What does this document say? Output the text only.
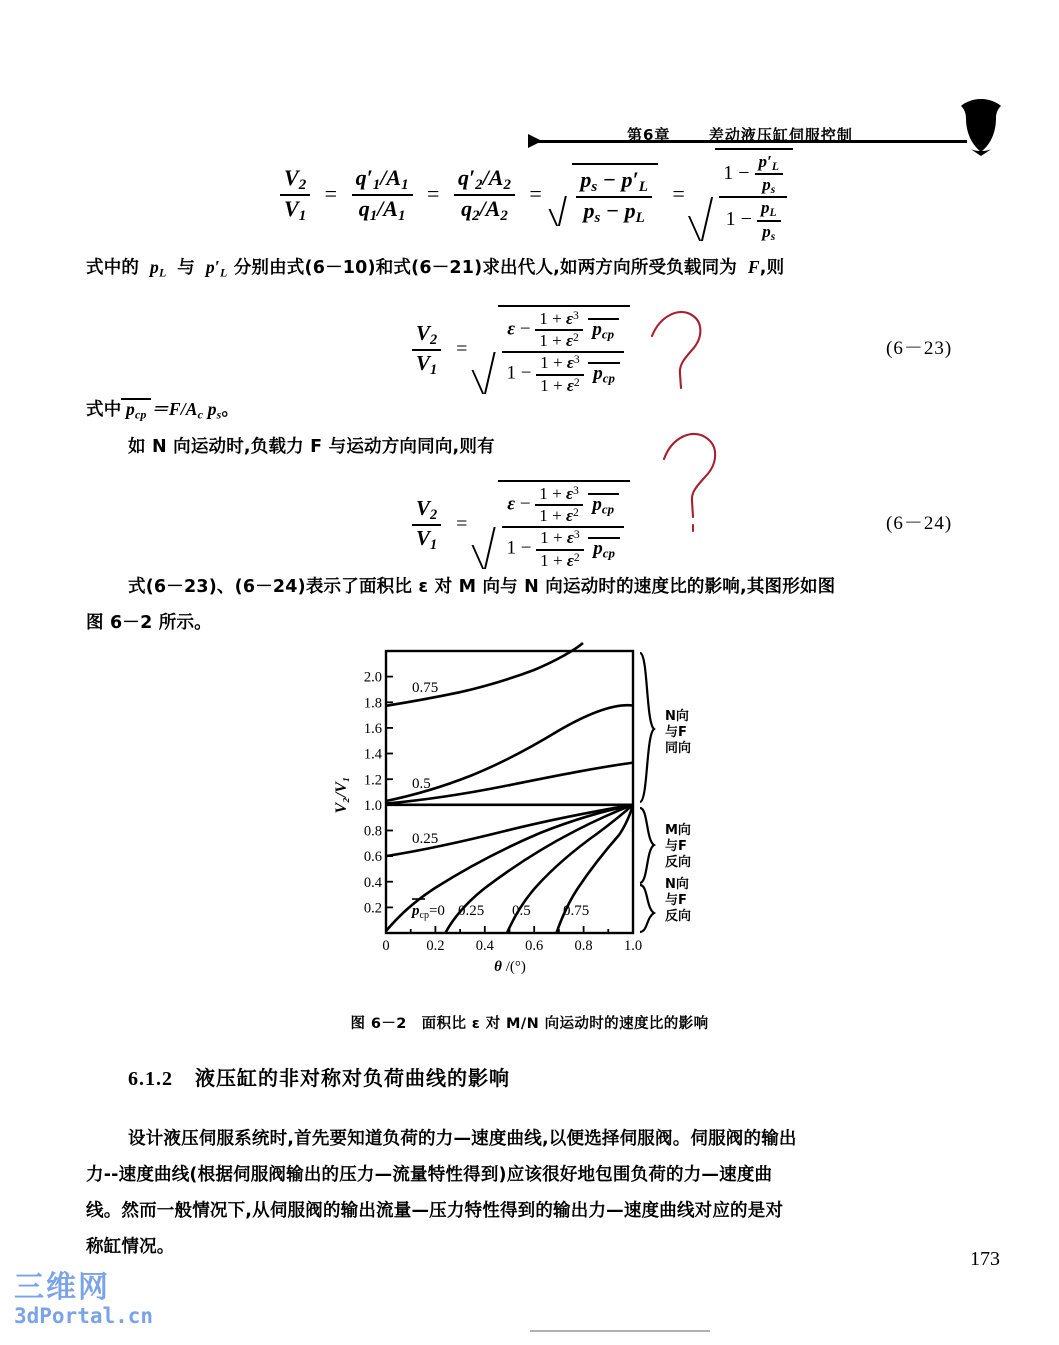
第6章	差动液压缸伺服控制
$\frac{V_2}{V_1} = \frac{q'_1/A_1}{q_1/A_1} = \frac{q'_2/A_2}{q_2/A_2} = \frac{p_s - p'_L}{p_s - p_L} = \frac{1 - \frac{p'_L}{p_s}}{1 - \frac{p_L}{p_s}}$
式中的  $p_L$ 与  $p'_L$ 分别由式(6－10)和式(6－21)求出代人,如两方向所受负载同为  F,则
$\frac{V_2}{V_1}$ =
$\varepsilon - \frac{1 + \varepsilon^3}{1 + \varepsilon^2} p_{cp}$
$1 - \frac{1 + \varepsilon^3}{1 + \varepsilon^2} p_{cp}$
(6－23)
式中 $p_{cp} =F/A_c$ $p_s$。
如 N 向运动时,负载力 F 与运动方向同向,则有
$\frac{V_2}{V_1}$ =
$\varepsilon - \frac{1 + \varepsilon^3}{1 + \varepsilon^2} p_{cp}$
$1 - \frac{1 + \varepsilon^3}{1 + \varepsilon^2} p_{cp}$
(6－24)
式(6－23)、(6－24)表示了面积比 ε 对 M 向与 N 向运动时的速度比的影响,其图形如图
图 6－2 所示。
0.2
0.4
0.6
0.8
1.0
1.2
1.4
1.6
1.8
2.0
0	0.2 0.4 0.6 0.8 1.0
V₂/V₁
0.75
0.5
0.25
0.25 0.5 0.75
$p_{cp}=0$
θ /(°)
N向
与F
同向
M向
与F
反向
N向
与F
反向
图 6－2　面积比 ε 对 M/N 向运动时的速度比的影响
6.1.2 液压缸的非对称对负荷曲线的影响
设计液压伺服系统时,首先要知道负荷的力—速度曲线,以便选择伺服阀。伺服阀的输出
力--速度曲线(根据伺服阀输出的压力—流量特性得到)应该很好地包围负荷的力—速度曲
线。然而一般情况下,从伺服阀的输出流量—压力特性得到的输出力—速度曲线对应的是对
称缸情况。
173
三维网
3dPortal.cn
